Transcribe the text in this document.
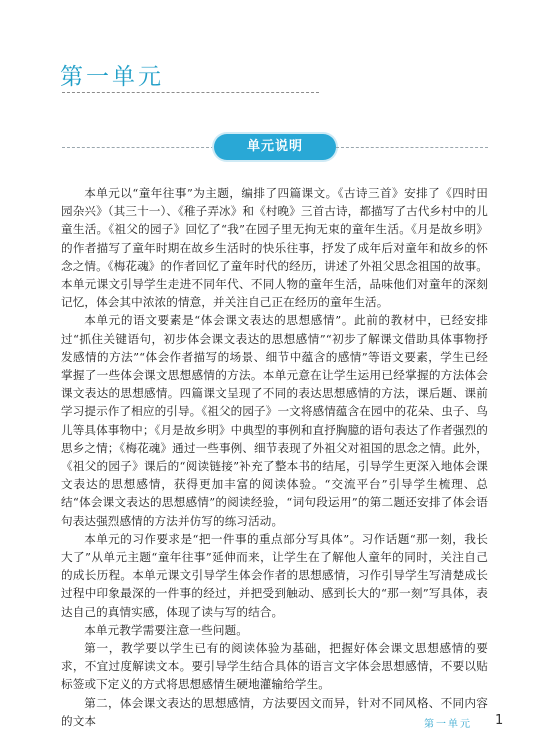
第一单元
单元说明

本单元以“童年往事”为主题，编排了四篇课文。《古诗三首》安排了《四时田园杂兴》（其三十一）、《稚子弄冰》和《村晚》三首古诗，都描写了古代乡村中的儿童生活。《祖父的园子》回忆了“我”在园子里无拘无束的童年生活。《月是故乡明》的作者描写了童年时期在故乡生活时的快乐往事，抒发了成年后对童年和故乡的怀念之情。《梅花魂》的作者回忆了童年时代的经历，讲述了外祖父思念祖国的故事。本单元课文引导学生走进不同年代、不同人物的童年生活，品味他们对童年的深刻记忆，体会其中浓浓的情意，并关注自己正在经历的童年生活。

本单元的语文要素是“体会课文表达的思想感情”。此前的教材中，已经安排过“抓住关键语句，初步体会课文表达的思想感情”“初步了解课文借助具体事物抒发感情的方法”“体会作者描写的场景、细节中蕴含的感情”等语文要素，学生已经掌握了一些体会课文思想感情的方法。本单元意在让学生运用已经掌握的方法体会课文表达的思想感情。四篇课文呈现了不同的表达思想感情的方法，课后题、课前学习提示作了相应的引导。《祖父的园子》一文将感情蕴含在园中的花朵、虫子、鸟儿等具体事物中；《月是故乡明》中典型的事例和直抒胸臆的语句表达了作者强烈的思乡之情；《梅花魂》通过一些事例、细节表现了外祖父对祖国的思念之情。此外，《祖父的园子》课后的“阅读链接”补充了整本书的结尾，引导学生更深入地体会课文表达的思想感情，获得更加丰富的阅读体验。“交流平台”引导学生梳理、总结“体会课文表达的思想感情”的阅读经验，“词句段运用”的第二题还安排了体会语句表达强烈感情的方法并仿写的练习活动。

本单元的习作要求是“把一件事的重点部分写具体”。习作话题“那一刻，我长大了”从单元主题“童年往事”延伸而来，让学生在了解他人童年的同时，关注自己的成长历程。本单元课文引导学生体会作者的思想感情，习作引导学生写清楚成长过程中印象最深的一件事的经过，并把受到触动、感到长大的“那一刻”写具体，表达自己的真情实感，体现了读与写的结合。

本单元教学需要注意一些问题。

第一，教学要以学生已有的阅读体验为基础，把握好体会课文思想感情的要求，不宜过度解读文本。要引导学生结合具体的语言文字体会思想感情，不要以贴标签或下定义的方式将思想感情生硬地灌输给学生。

第二，体会课文表达的思想感情，方法要因文而异，针对不同风格、不同内容的文本	第一单元 1
